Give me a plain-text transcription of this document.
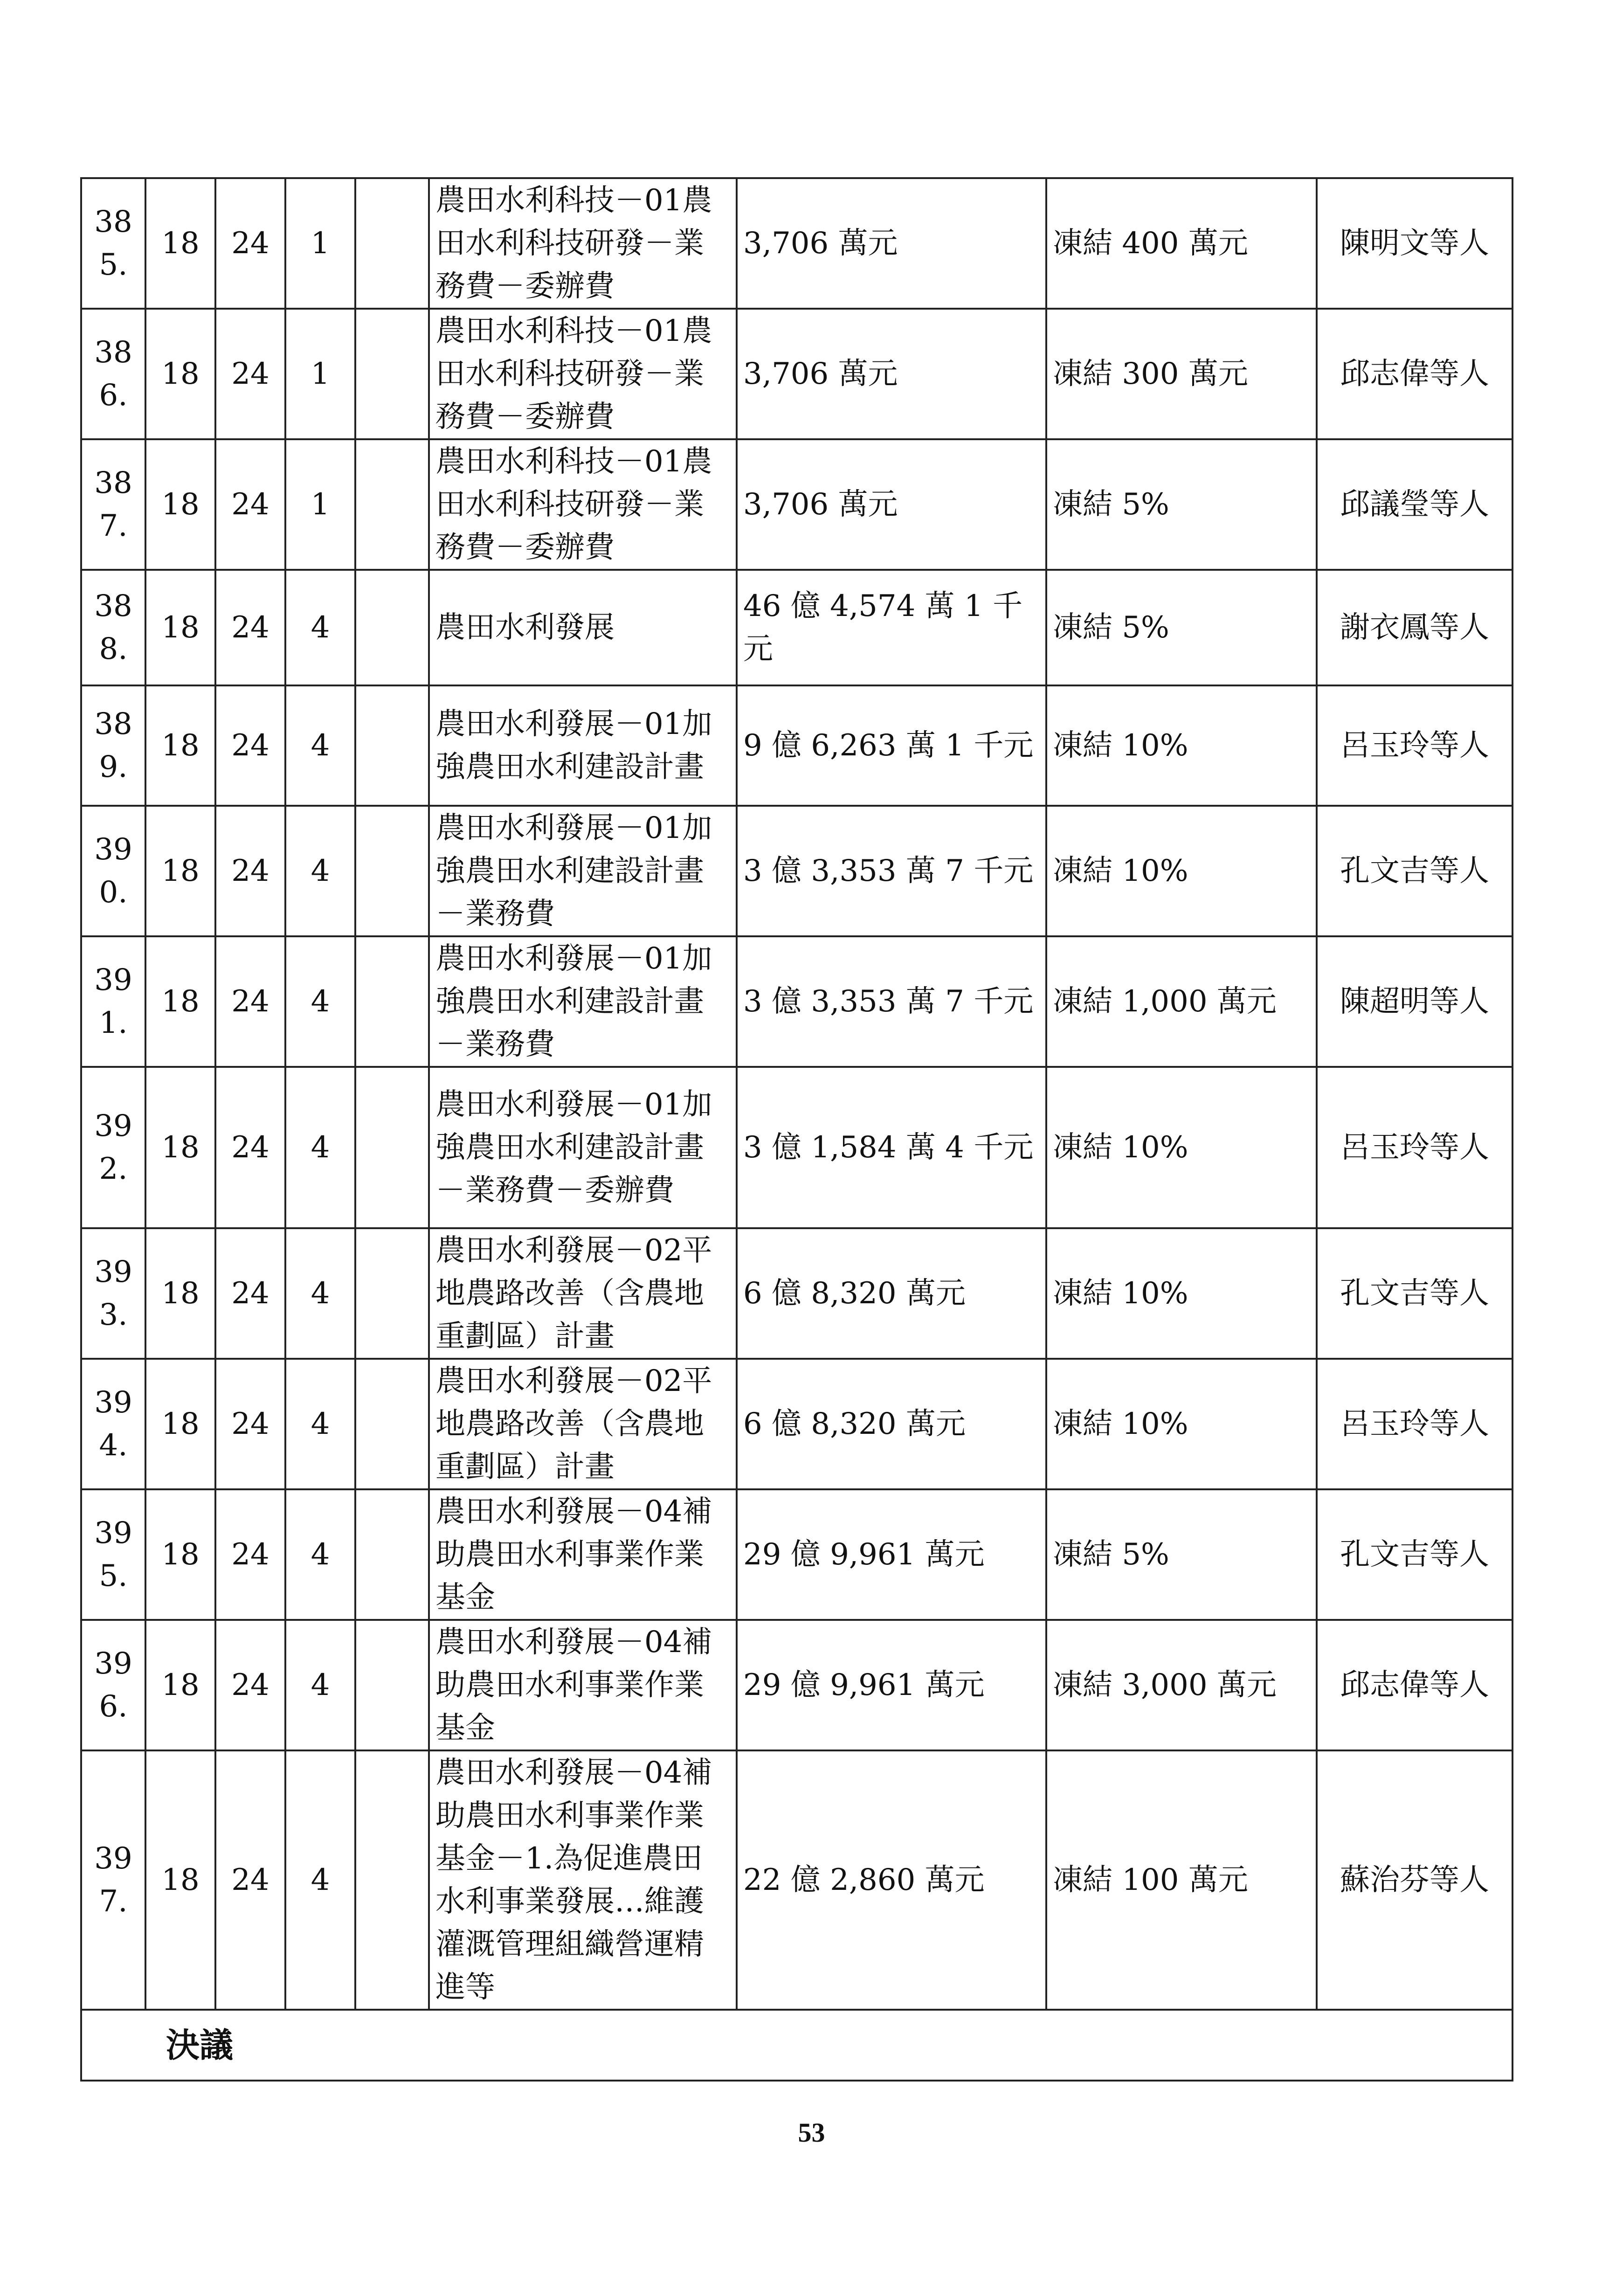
385.	18	24	1		農田水利科技－01農田水利科技研發－業務費－委辦費	3,706 萬元	凍結 400 萬元	陳明文等人
386.	18	24	1		農田水利科技－01農田水利科技研發－業務費－委辦費	3,706 萬元	凍結 300 萬元	邱志偉等人
387.	18	24	1		農田水利科技－01農田水利科技研發－業務費－委辦費	3,706 萬元	凍結 5%	邱議瑩等人
388.	18	24	4		農田水利發展	46 億 4,574 萬 1 千元	凍結 5%	謝衣鳳等人
389.	18	24	4		農田水利發展－01加強農田水利建設計畫	9 億 6,263 萬 1 千元	凍結 10%	呂玉玲等人
390.	18	24	4		農田水利發展－01加強農田水利建設計畫－業務費	3 億 3,353 萬 7 千元	凍結 10%	孔文吉等人
391.	18	24	4		農田水利發展－01加強農田水利建設計畫－業務費	3 億 3,353 萬 7 千元	凍結 1,000 萬元	陳超明等人
392.	18	24	4		農田水利發展－01加強農田水利建設計畫－業務費－委辦費	3 億 1,584 萬 4 千元	凍結 10%	呂玉玲等人
393.	18	24	4		農田水利發展－02平地農路改善（含農地重劃區）計畫	6 億 8,320 萬元	凍結 10%	孔文吉等人
394.	18	24	4		農田水利發展－02平地農路改善（含農地重劃區）計畫	6 億 8,320 萬元	凍結 10%	呂玉玲等人
395.	18	24	4		農田水利發展－04補助農田水利事業作業基金	29 億 9,961 萬元	凍結 5%	孔文吉等人
396.	18	24	4		農田水利發展－04補助農田水利事業作業基金	29 億 9,961 萬元	凍結 3,000 萬元	邱志偉等人
397.	18	24	4		農田水利發展－04補助農田水利事業作業基金－1.為促進農田水利事業發展…維護灌溉管理組織營運精進等	22 億 2,860 萬元	凍結 100 萬元	蘇治芬等人
決議								
53
